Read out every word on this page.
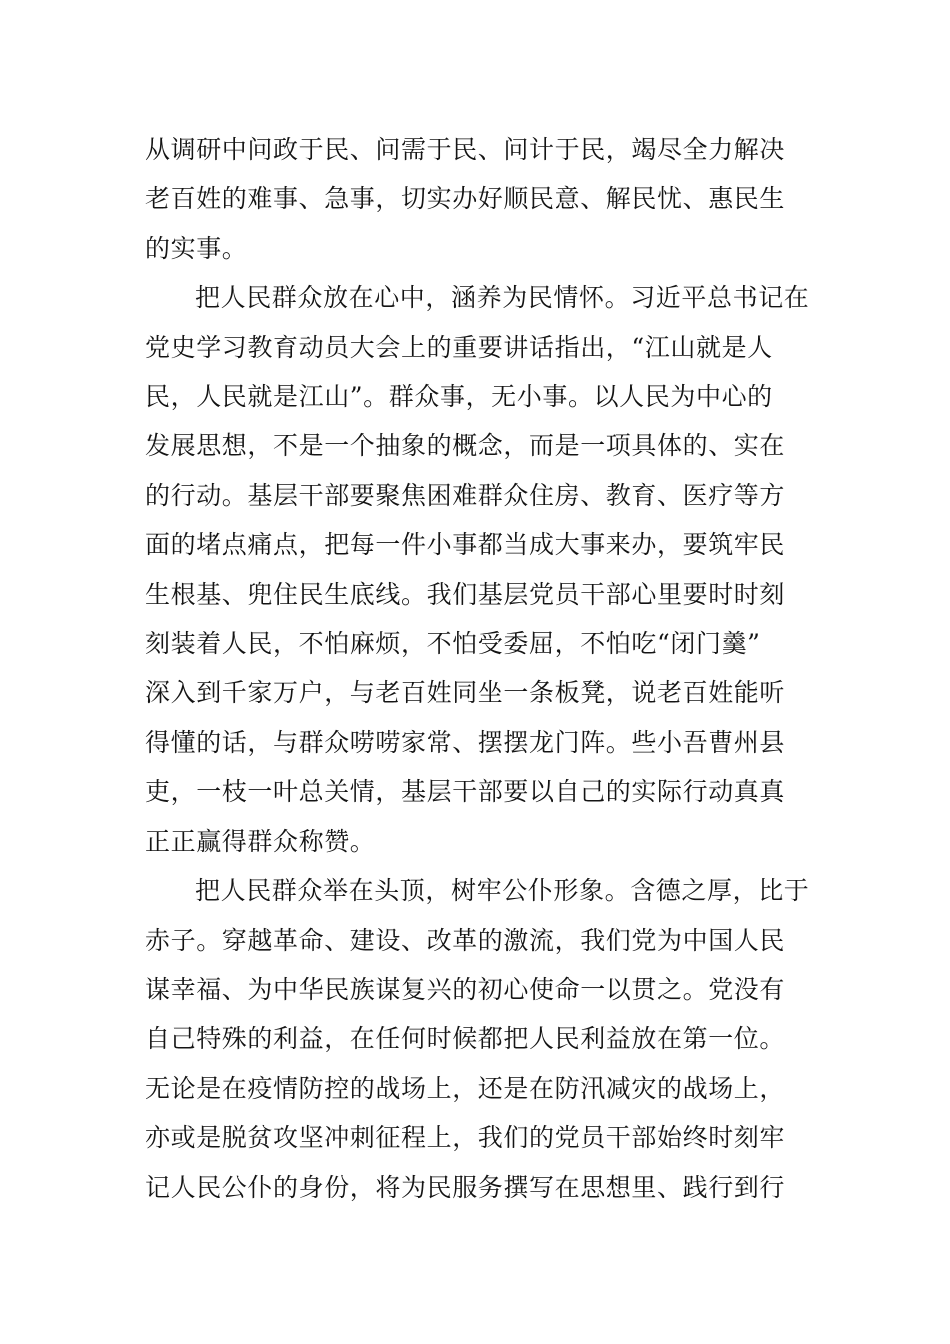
从调研中问政于民、问需于民、问计于民，竭尽全力解决
老百姓的难事、急事，切实办好顺民意、解民忧、惠民生
的实事。

把人民群众放在心中，涵养为民情怀。习近平总书记在
党史学习教育动员大会上的重要讲话指出，“江山就是人
民，人民就是江山”。群众事，无小事。以人民为中心的
发展思想，不是一个抽象的概念，而是一项具体的、实在
的行动。基层干部要聚焦困难群众住房、教育、医疗等方
面的堵点痛点，把每一件小事都当成大事来办，要筑牢民
生根基、兜住民生底线。我们基层党员干部心里要时时刻
刻装着人民，不怕麻烦，不怕受委屈，不怕吃“闭门羹”
深入到千家万户，与老百姓同坐一条板凳，说老百姓能听
得懂的话，与群众唠唠家常、摆摆龙门阵。些小吾曹州县
吏，一枝一叶总关情，基层干部要以自己的实际行动真真
正正赢得群众称赞。

把人民群众举在头顶，树牢公仆形象。含德之厚，比于
赤子。穿越革命、建设、改革的激流，我们党为中国人民
谋幸福、为中华民族谋复兴的初心使命一以贯之。党没有
自己特殊的利益，在任何时候都把人民利益放在第一位。
无论是在疫情防控的战场上，还是在防汛减灾的战场上，
亦或是脱贫攻坚冲刺征程上，我们的党员干部始终时刻牢
记人民公仆的身份，将为民服务撰写在思想里、践行到行
